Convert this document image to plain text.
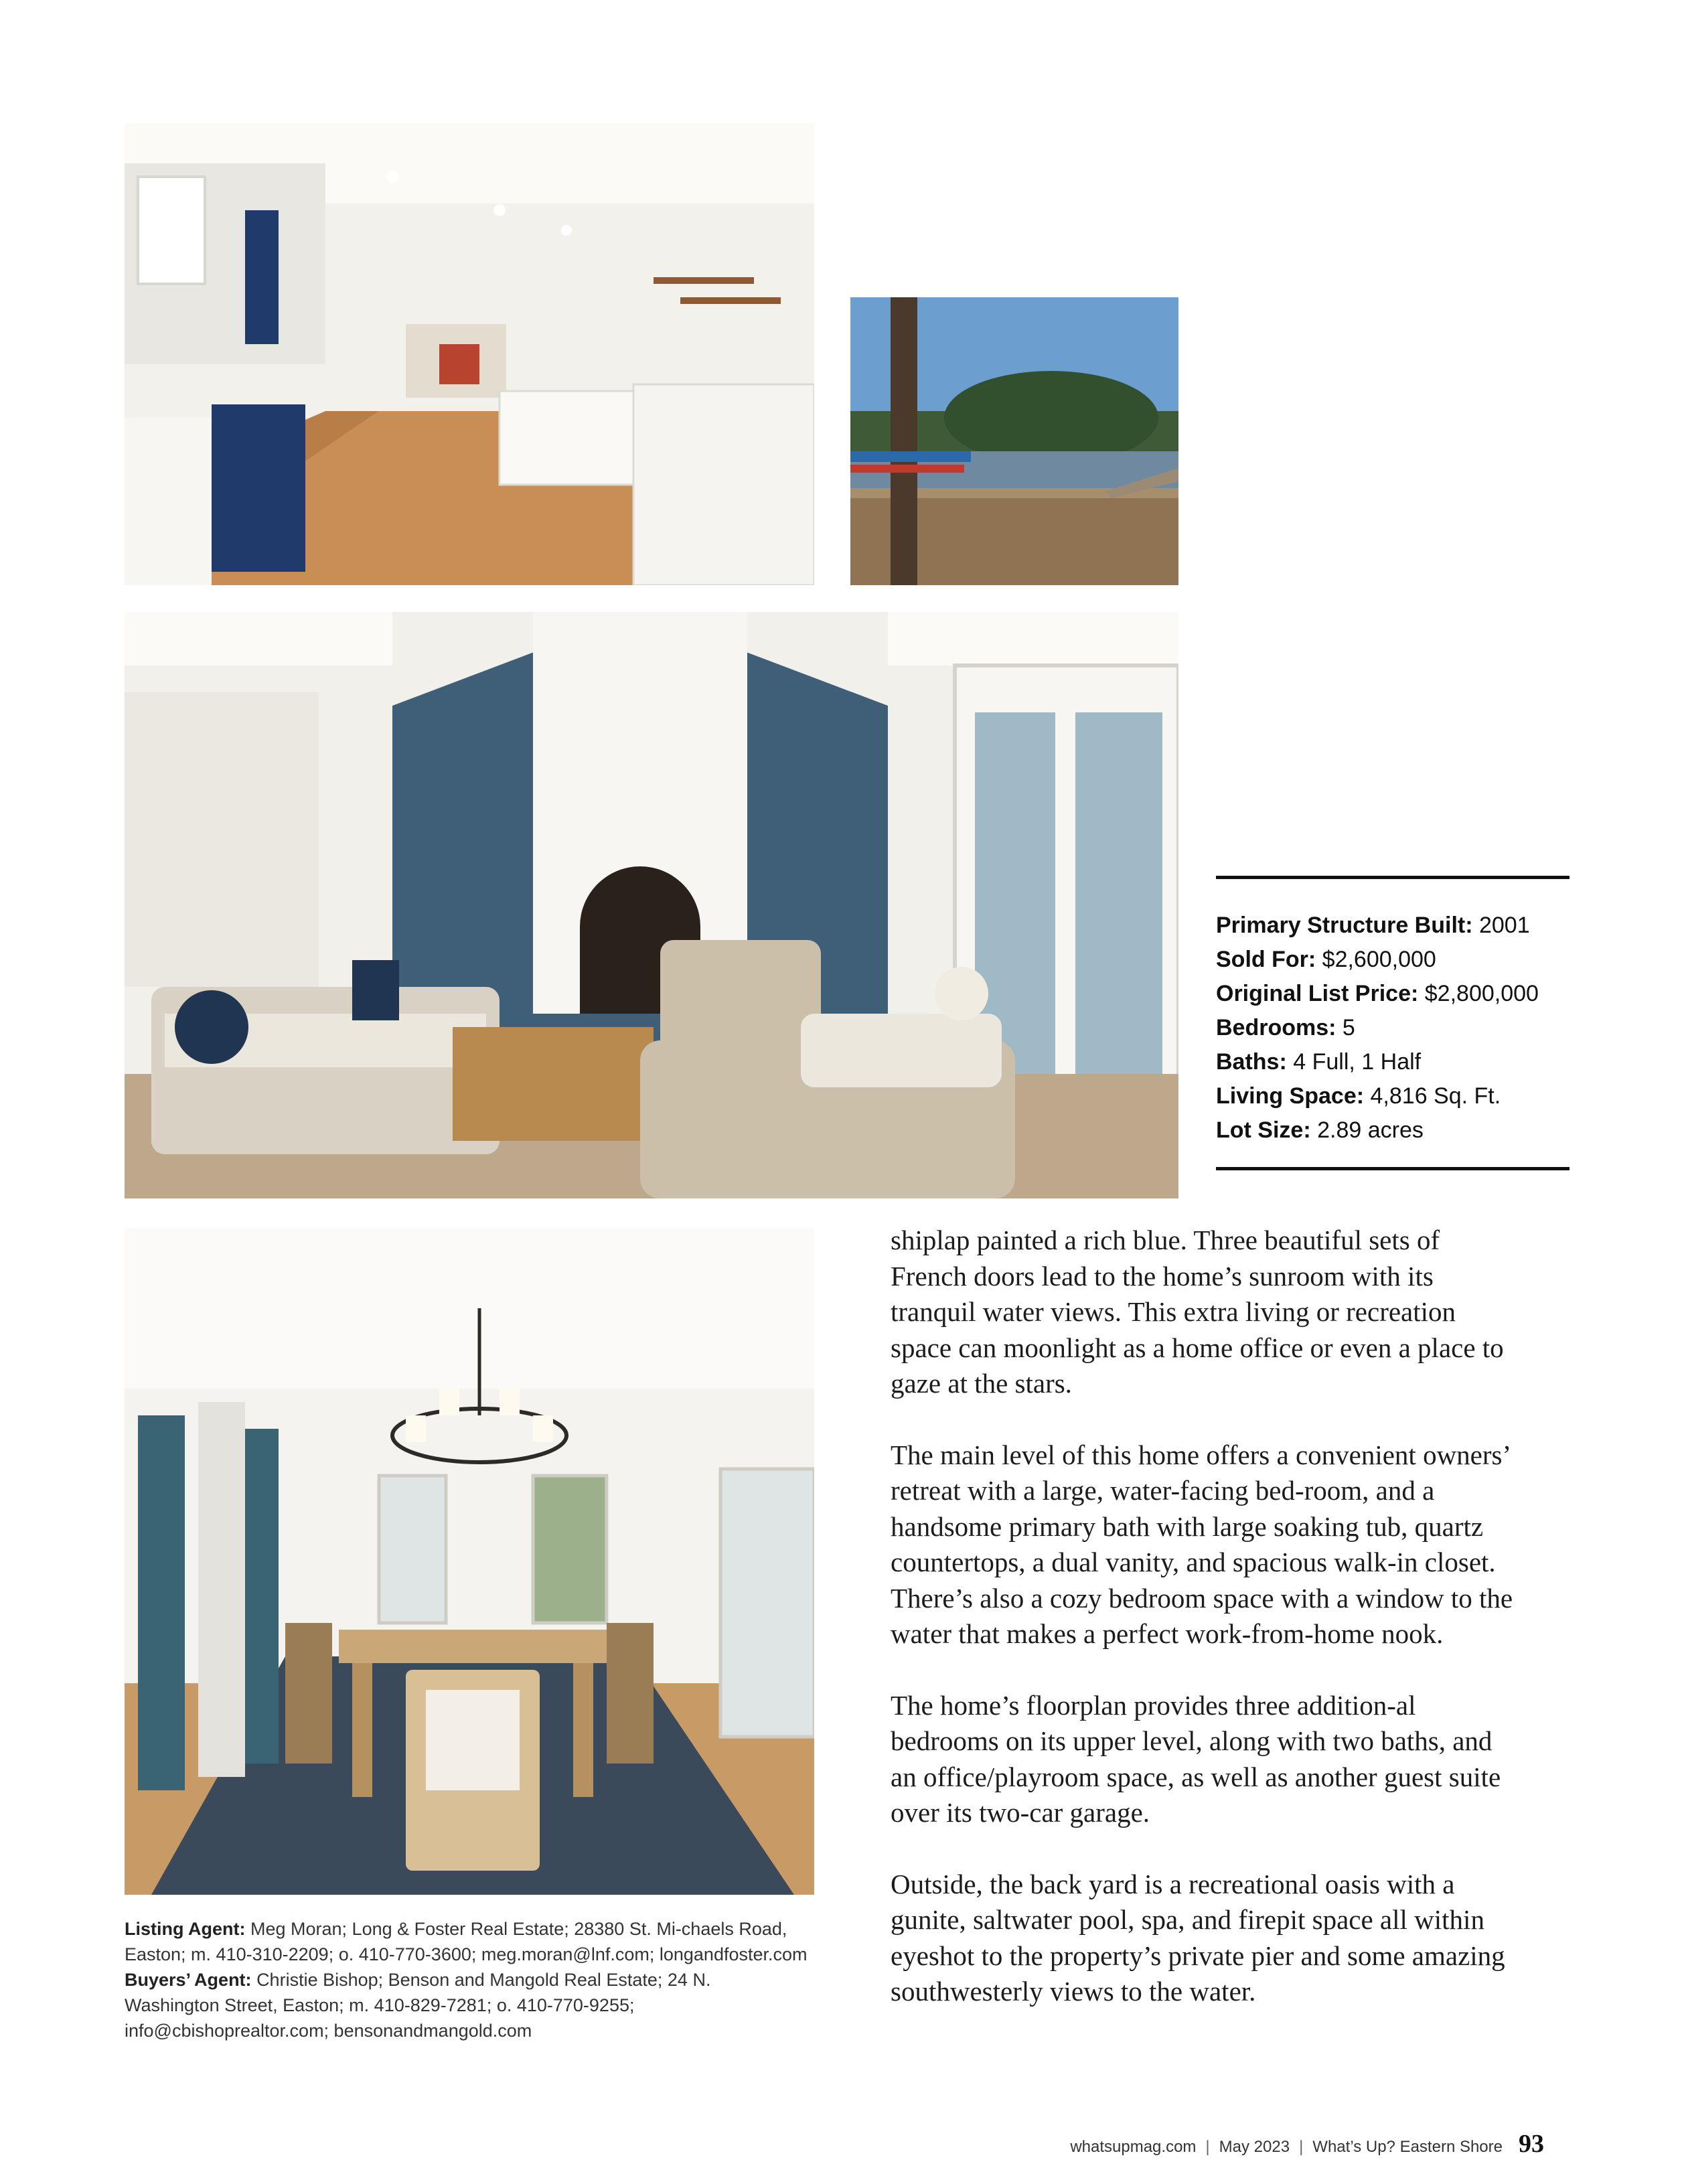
Primary Structure Built: 2001
Sold For: $2,600,000
Original List Price: $2,800,000
Bedrooms: 5
Baths: 4 Full, 1 Half
Living Space: 4,816 Sq. Ft.
Lot Size: 2.89 acres

shiplap painted a rich blue. Three beautiful sets of French doors lead to the home’s sunroom with its tranquil water views. This extra living or recreation space can moonlight as a home office or even a place to gaze at the stars.

The main level of this home offers a convenient owners’ retreat with a large, water-facing bed-room, and a handsome primary bath with large soaking tub, quartz countertops, a dual vanity, and spacious walk-in closet. There’s also a cozy bedroom space with a window to the water that makes a perfect work-from-home nook.

The home’s floorplan provides three addition-al bedrooms on its upper level, along with two baths, and an office/playroom space, as well as another guest suite over its two-car garage.

Outside, the back yard is a recreational oasis with a gunite, saltwater pool, spa, and firepit space all within eyeshot to the property’s private pier and some amazing southwesterly views to the water.

Listing Agent: Meg Moran; Long & Foster Real Estate; 28380 St. Mi-chaels Road, Easton; m. 410-310-2209; o. 410-770-3600; meg.moran@lnf.com; longandfoster.com Buyers’ Agent: Christie Bishop; Benson and Mangold Real Estate; 24 N. Washington Street, Easton; m. 410-829-7281; o. 410-770-9255; info@cbishoprealtor.com; bensonandmangold.com
whatsupmag.com | May 2023 | What’s Up? Eastern Shore 93
